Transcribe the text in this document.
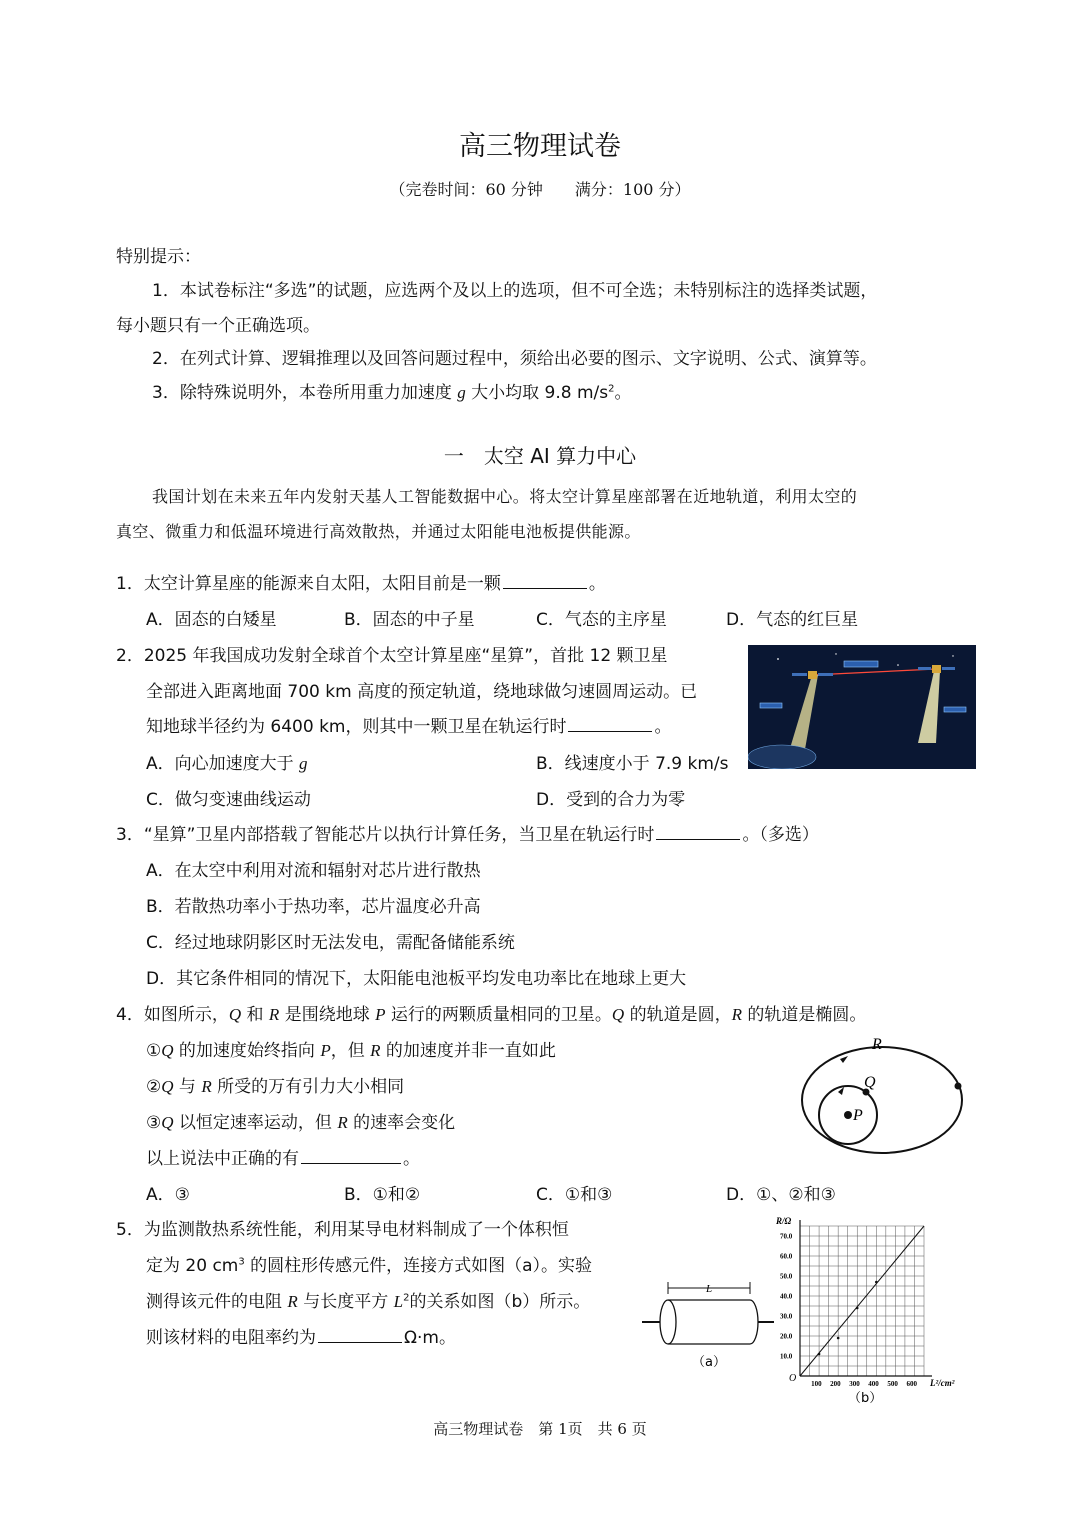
高三物理试卷
（完卷时间：60 分钟　　满分：100 分）
特别提示：
1．本试卷标注“多选”的试题，应选两个及以上的选项，但不可全选；未特别标注的选择类试题，
每小题只有一个正确选项。
2．在列式计算、逻辑推理以及回答问题过程中，须给出必要的图示、文字说明、公式、演算等。
3．除特殊说明外，本卷所用重力加速度 g 大小均取 9.8 $m/s^2$。
一　太空 AI 算力中心
我国计划在未来五年内发射天基人工智能数据中心。将太空计算星座部署在近地轨道，利用太空的
真空、微重力和低温环境进行高效散热，并通过太阳能电池板提供能源。
1．太空计算星座的能源来自太阳，太阳目前是一颗	。
A．固态的白矮星	B．固态的中子星	C．气态的主序星	D．气态的红巨星
2．2025 年我国成功发射全球首个太空计算星座“星算”，首批 12 颗卫星
全部进入距离地面 700 km 高度的预定轨道，绕地球做匀速圆周运动。已
知地球半径约为 6400 km，则其中一颗卫星在轨运行时	。
A．向心加速度大于 g	B．线速度小于 7.9 km/s
C．做匀变速曲线运动	D．受到的合力为零
3．“星算”卫星内部搭载了智能芯片以执行计算任务，当卫星在轨运行时	。（多选）
A．在太空中利用对流和辐射对芯片进行散热
B．若散热功率小于热功率，芯片温度必升高
C．经过地球阴影区时无法发电，需配备储能系统
D．其它条件相同的情况下，太阳能电池板平均发电功率比在地球上更大
4．如图所示，Q 和 R 是围绕地球 P 运行的两颗质量相同的卫星。Q 的轨道是圆，R 的轨道是椭圆。
①Q 的加速度始终指向 P，但 R 的加速度并非一直如此
②Q 与 R 所受的万有引力大小相同
③Q 以恒定速率运动，但 R 的速率会变化
以上说法中正确的有	。
A．③	B．①和②	C．①和③	D．①、②和③
R
Q
P
5．为监测散热系统性能，利用某导电材料制成了一个体积恒
定为 20 $cm^3$ 的圆柱形传感元件，连接方式如图（a）。实验
测得该元件的电阻 R 与长度平方 $L^2$的关系如图（b）所示。
则该材料的电阻率约为	Ω·m。
L
（a）
100 200 300 400 500 600
10.0
20.0
30.0
40.0
50.0
60.0
70.0
R/Ω
L²/cm²
O
（b）
高三物理试卷　第 1页　共 6 页
